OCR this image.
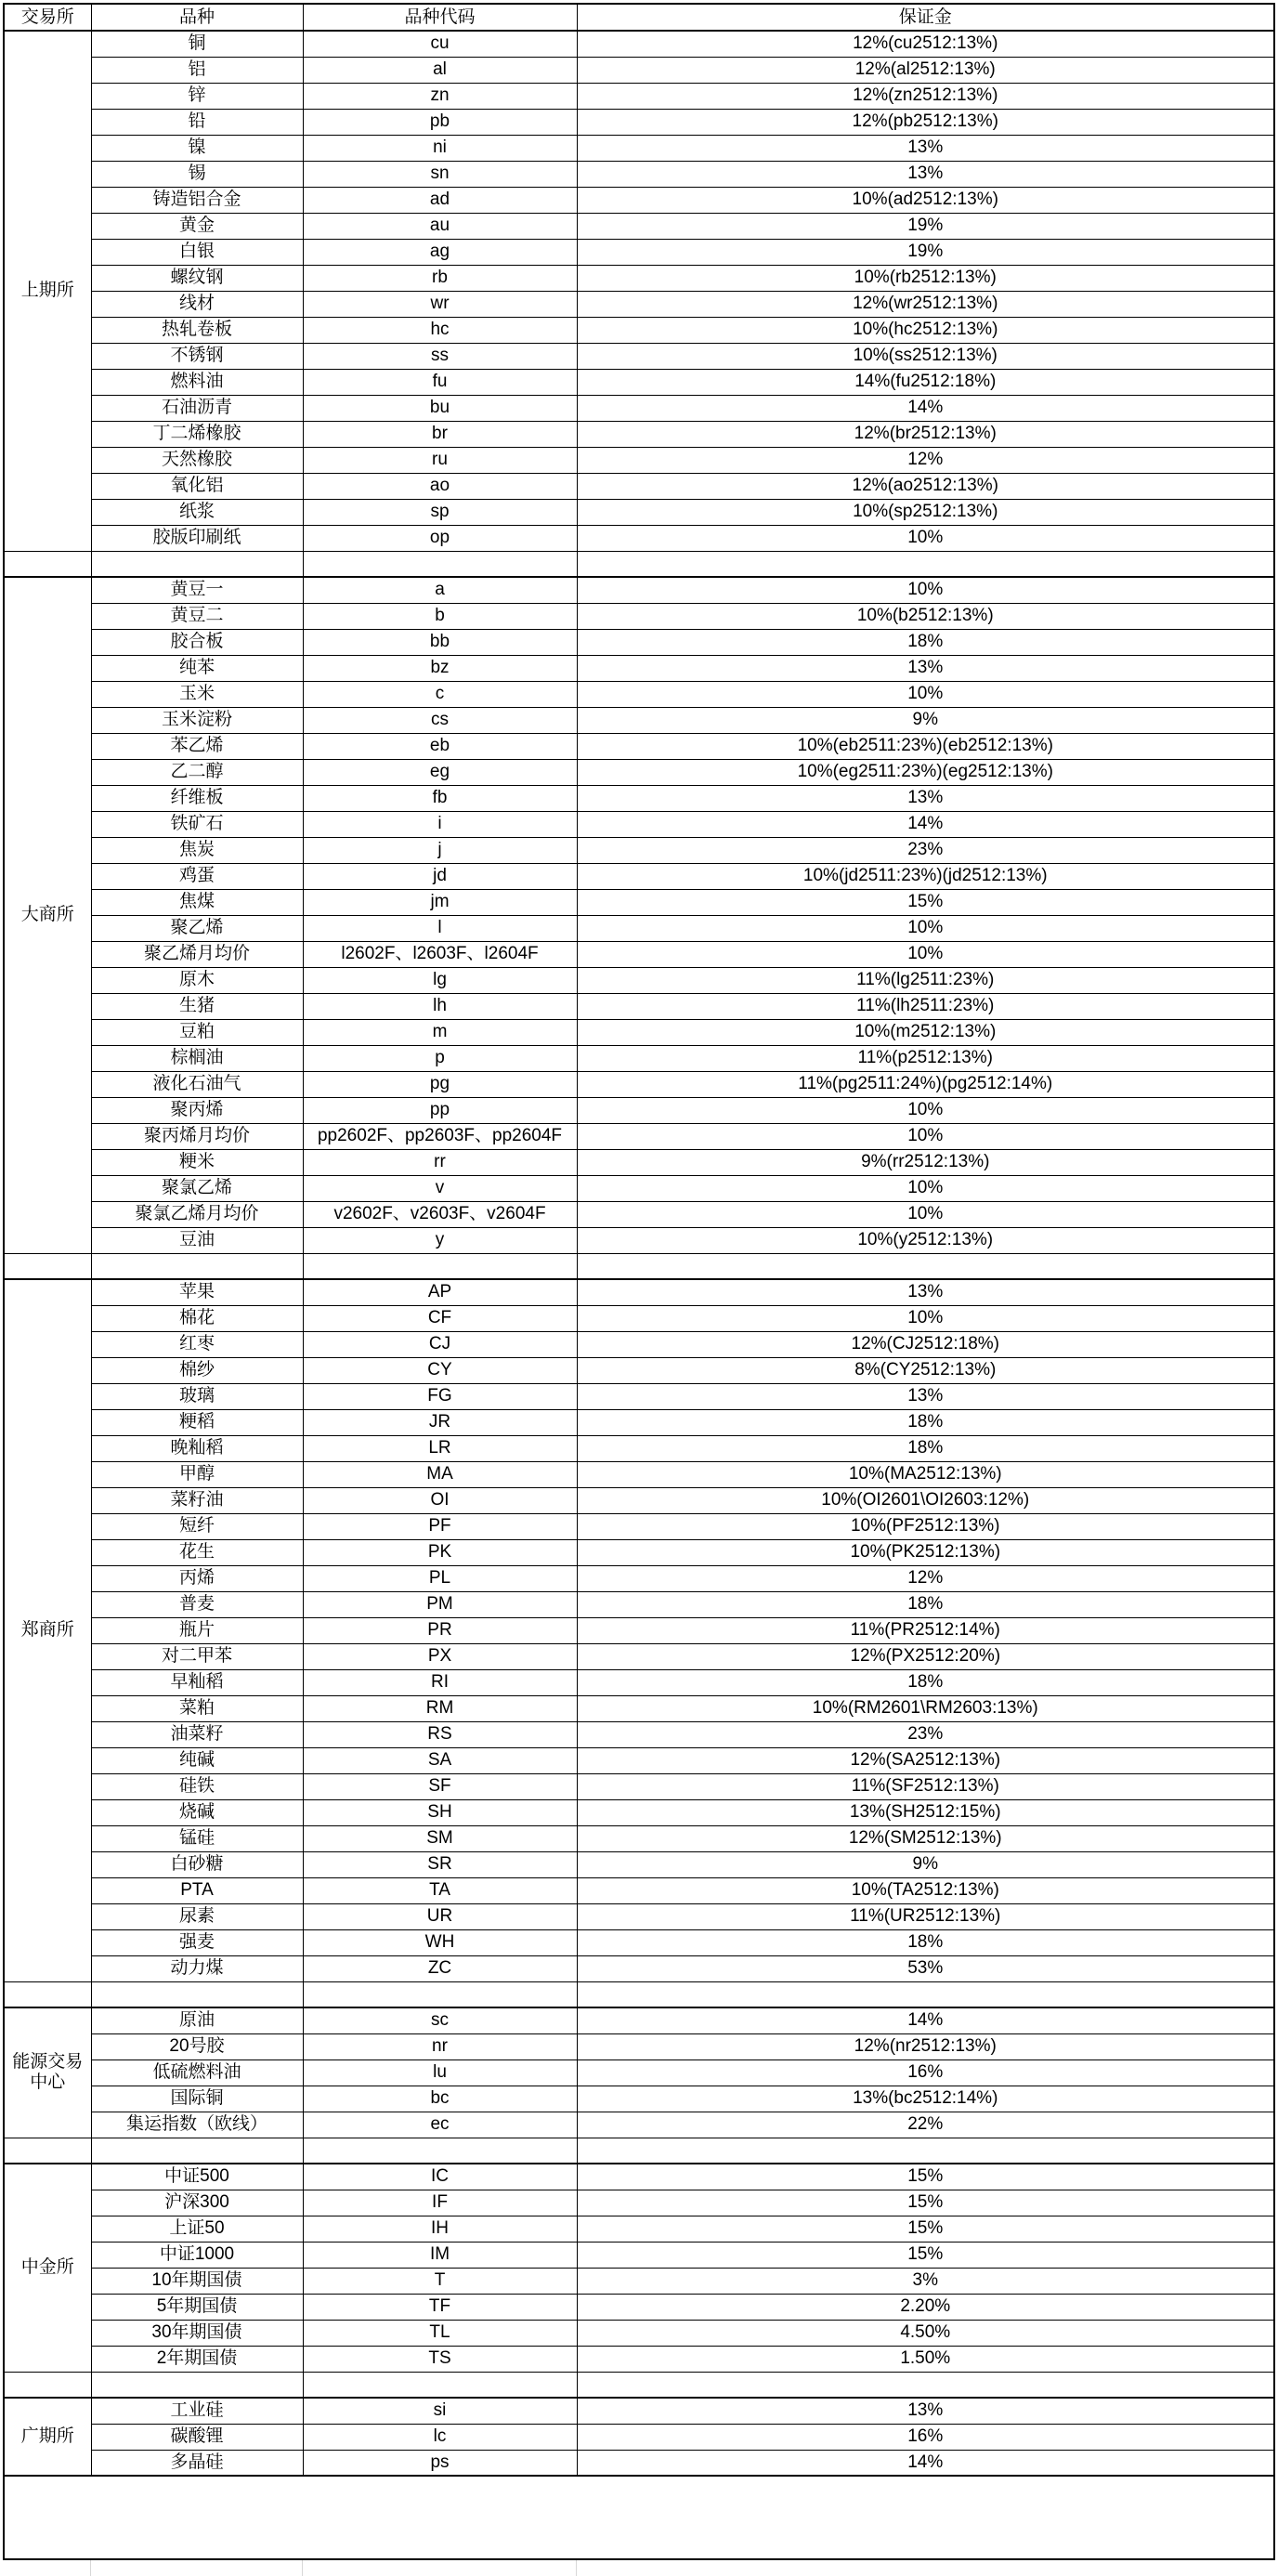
交易所	品种	品种代码	保证金
上期所	铜	cu	12%(cu2512:13%)
	铝	al	12%(al2512:13%)
	锌	zn	12%(zn2512:13%)
	铅	pb	12%(pb2512:13%)
	镍	ni	13%
	锡	sn	13%
	铸造铝合金	ad	10%(ad2512:13%)
	黄金	au	19%
	白银	ag	19%
	螺纹钢	rb	10%(rb2512:13%)
	线材	wr	12%(wr2512:13%)
	热轧卷板	hc	10%(hc2512:13%)
	不锈钢	ss	10%(ss2512:13%)
	燃料油	fu	14%(fu2512:18%)
	石油沥青	bu	14%
	丁二烯橡胶	br	12%(br2512:13%)
	天然橡胶	ru	12%
	氧化铝	ao	12%(ao2512:13%)
	纸浆	sp	10%(sp2512:13%)
	胶版印刷纸	op	10%

大商所	黄豆一	a	10%
	黄豆二	b	10%(b2512:13%)
	胶合板	bb	18%
	纯苯	bz	13%
	玉米	c	10%
	玉米淀粉	cs	9%
	苯乙烯	eb	10%(eb2511:23%)(eb2512:13%)
	乙二醇	eg	10%(eg2511:23%)(eg2512:13%)
	纤维板	fb	13%
	铁矿石	i	14%
	焦炭	j	23%
	鸡蛋	jd	10%(jd2511:23%)(jd2512:13%)
	焦煤	jm	15%
	聚乙烯	l	10%
	聚乙烯月均价	l2602F、l2603F、l2604F	10%
	原木	lg	11%(lg2511:23%)
	生猪	lh	11%(lh2511:23%)
	豆粕	m	10%(m2512:13%)
	棕榈油	p	11%(p2512:13%)
	液化石油气	pg	11%(pg2511:24%)(pg2512:14%)
	聚丙烯	pp	10%
	聚丙烯月均价	pp2602F、pp2603F、pp2604F	10%
	粳米	rr	9%(rr2512:13%)
	聚氯乙烯	v	10%
	聚氯乙烯月均价	v2602F、v2603F、v2604F	10%
	豆油	y	10%(y2512:13%)

郑商所	苹果	AP	13%
	棉花	CF	10%
	红枣	CJ	12%(CJ2512:18%)
	棉纱	CY	8%(CY2512:13%)
	玻璃	FG	13%
	粳稻	JR	18%
	晚籼稻	LR	18%
	甲醇	MA	10%(MA2512:13%)
	菜籽油	OI	10%(OI2601\OI2603:12%)
	短纤	PF	10%(PF2512:13%)
	花生	PK	10%(PK2512:13%)
	丙烯	PL	12%
	普麦	PM	18%
	瓶片	PR	11%(PR2512:14%)
	对二甲苯	PX	12%(PX2512:20%)
	早籼稻	RI	18%
	菜粕	RM	10%(RM2601\RM2603:13%)
	油菜籽	RS	23%
	纯碱	SA	12%(SA2512:13%)
	硅铁	SF	11%(SF2512:13%)
	烧碱	SH	13%(SH2512:15%)
	锰硅	SM	12%(SM2512:13%)
	白砂糖	SR	9%
	PTA	TA	10%(TA2512:13%)
	尿素	UR	11%(UR2512:13%)
	强麦	WH	18%
	动力煤	ZC	53%

能源交易中心	原油	sc	14%
	20号胶	nr	12%(nr2512:13%)
	低硫燃料油	lu	16%
	国际铜	bc	13%(bc2512:14%)
	集运指数（欧线）	ec	22%

中金所	中证500	IC	15%
	沪深300	IF	15%
	上证50	IH	15%
	中证1000	IM	15%
	10年期国债	T	3%
	5年期国债	TF	2.20%
	30年期国债	TL	4.50%
	2年期国债	TS	1.50%

广期所	工业硅	si	13%
	碳酸锂	lc	16%
	多晶硅	ps	14%
